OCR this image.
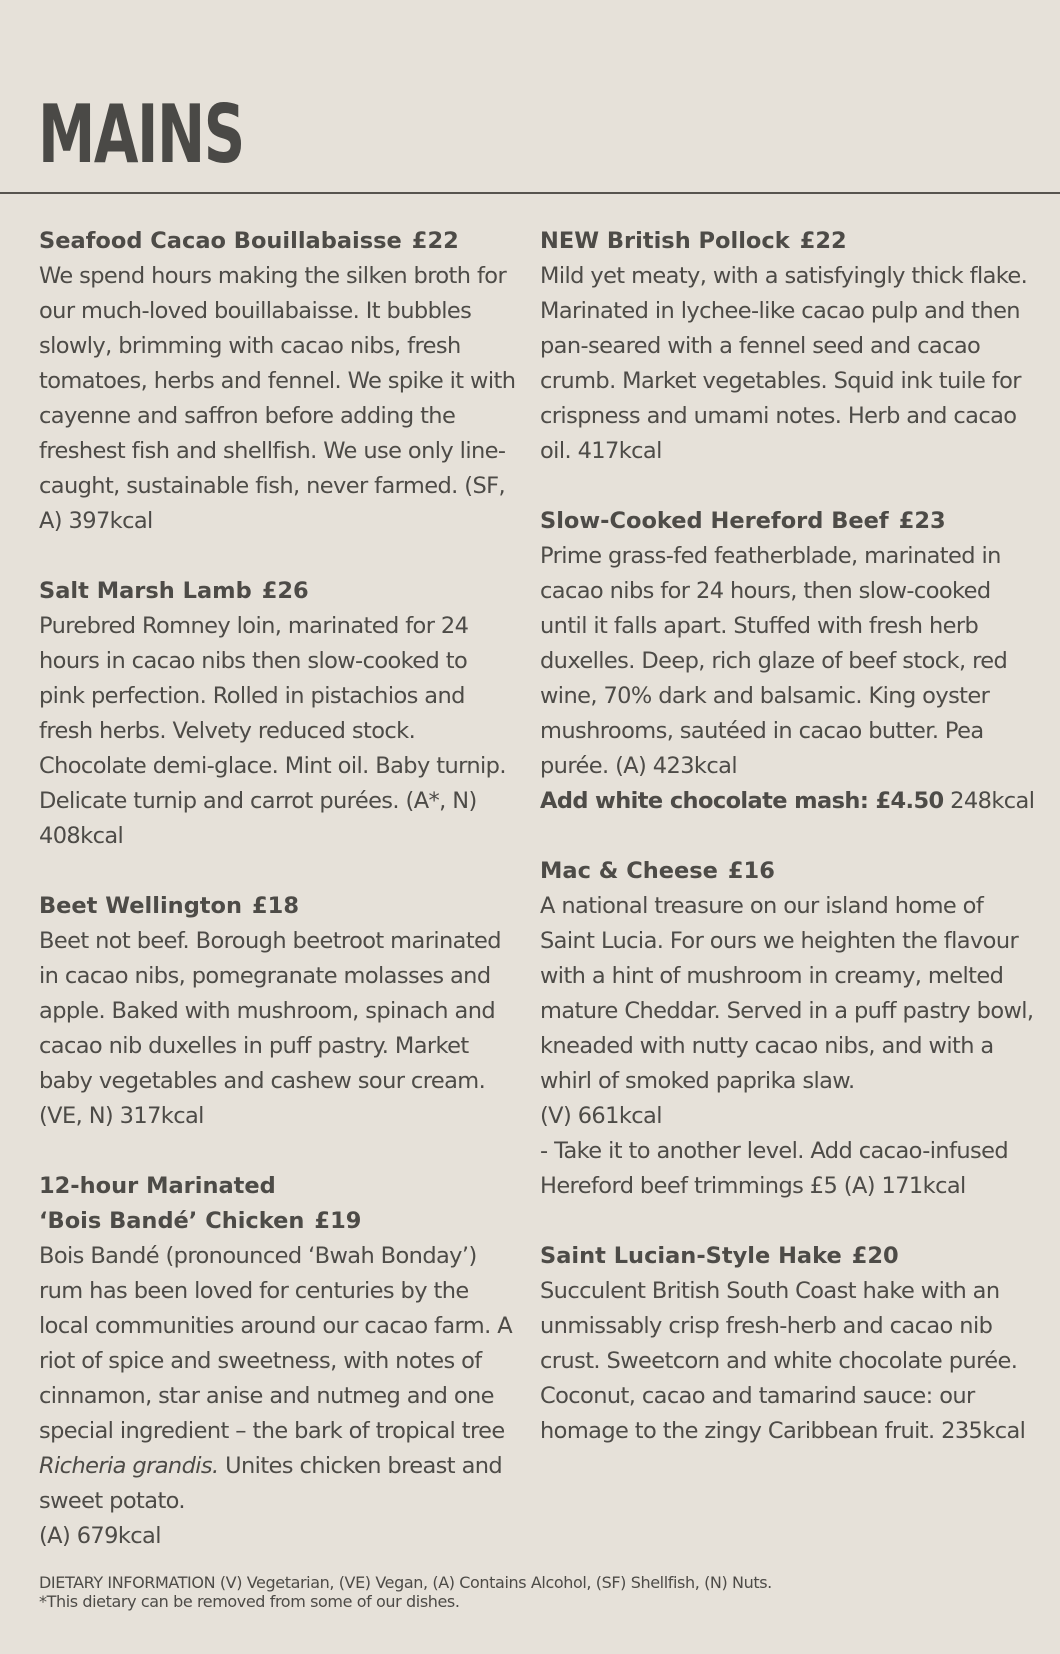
MAINS
Seafood Cacao Bouillabaisse £22
We spend hours making the silken broth for our much-loved bouillabaisse. It bubbles slowly, brimming with cacao nibs, fresh tomatoes, herbs and fennel. We spike it with cayenne and saffron before adding the freshest fish and shellfish. We use only line-caught, sustainable fish, never farmed. (SF, A) 397kcal
Salt Marsh Lamb £26
Purebred Romney loin, marinated for 24 hours in cacao nibs then slow-cooked to pink perfection. Rolled in pistachios and fresh herbs. Velvety reduced stock. Chocolate demi-glace. Mint oil. Baby turnip. Delicate turnip and carrot purées. (A*, N) 408kcal
Beet Wellington £18
Beet not beef. Borough beetroot marinated in cacao nibs, pomegranate molasses and apple. Baked with mushroom, spinach and cacao nib duxelles in puff pastry. Market baby vegetables and cashew sour cream. (VE, N) 317kcal
12-hour Marinated
‘Bois Bandé’ Chicken £19
Bois Bandé (pronounced ‘Bwah Bonday’) rum has been loved for centuries by the local communities around our cacao farm. A riot of spice and sweetness, with notes of cinnamon, star anise and nutmeg and one special ingredient – the bark of tropical tree Richeria grandis. Unites chicken breast and sweet potato.

(A) 679kcal

NEW British Pollock £22
Mild yet meaty, with a satisfyingly thick flake. Marinated in lychee-like cacao pulp and then pan-seared with a fennel seed and cacao crumb. Market vegetables. Squid ink tuile for crispness and umami notes. Herb and cacao oil. 417kcal
Slow-Cooked Hereford Beef £23

Prime grass-fed featherblade, marinated in cacao nibs for 24 hours, then slow-cooked until it falls apart. Stuffed with fresh herb duxelles. Deep, rich glaze of beef stock, red wine, 70% dark and balsamic. King oyster mushrooms, sautéed in cacao butter. Pea purée. (A) 423kcal

Add white chocolate mash: £4.50 248kcal

Mac & Cheese £16

A national treasure on our island home of Saint Lucia. For ours we heighten the flavour with a hint of mushroom in creamy, melted mature Cheddar. Served in a puff pastry bowl, kneaded with nutty cacao nibs, and with a whirl of smoked paprika slaw.

(V) 661kcal

- Take it to another level. Add cacao-infused Hereford beef trimmings £5 (A) 171kcal

Saint Lucian-Style Hake £20
Succulent British South Coast hake with an unmissably crisp fresh-herb and cacao nib crust. Sweetcorn and white chocolate purée. Coconut, cacao and tamarind sauce: our homage to the zingy Caribbean fruit. 235kcal
DIETARY INFORMATION (V) Vegetarian, (VE) Vegan, (A) Contains Alcohol, (SF) Shellfish, (N) Nuts.
*This dietary can be removed from some of our dishes.
